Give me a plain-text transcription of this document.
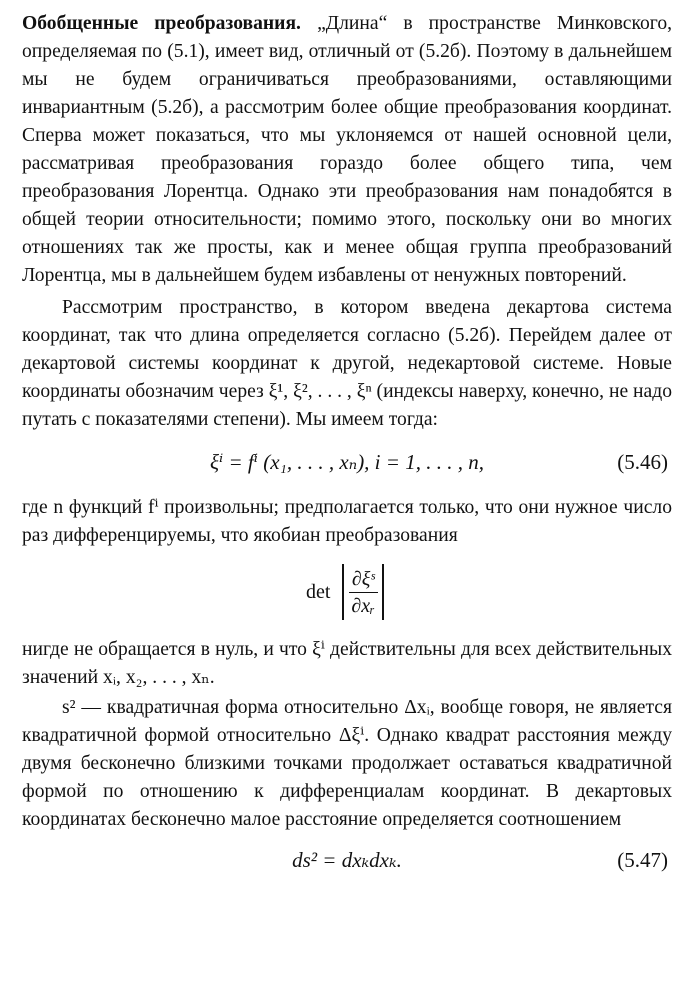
Обобщенные преобразования. „Длина“ в пространстве Минковского, определяемая по (5.1), имеет вид, отличный от (5.2б). Поэтому в дальнейшем мы не будем ограничиваться преобразованиями, оставляющими инвариантным (5.2б), а рассмотрим более общие преобразования координат. Сперва может показаться, что мы уклоняемся от нашей основной цели, рассматривая преобразования гораздо более общего типа, чем преобразования Лорентца. Однако эти преобразования нам понадобятся в общей теории относительности; помимо этого, поскольку они во многих отношениях так же просты, как и менее общая группа преобразований Лорентца, мы в дальнейшем будем избавлены от ненужных повторений.

Рассмотрим пространство, в котором введена декартова система координат, так что длина определяется согласно (5.2б). Перейдем далее от декартовой системы координат к другой, недекартовой системе. Новые координаты обозначим через ξ¹, ξ², . . . , ξⁿ (индексы наверху, конечно, не надо путать с показателями степени). Мы имеем тогда:

ξⁱ = fⁱ (x₁, . . . , xₙ), i = 1, . . . , n,	(5.46)

где n функций fⁱ произвольны; предполагается только, что они нужное число раз дифференцируемы, что якобиан преобразования

$\det \frac{\text{∂ξˢ}}{\text{∂xᵣ}}$

нигде не обращается в нуль, и что ξⁱ действительны для всех действительных значений xᵢ, x₂, . . . , xₙ.

s² — квадратичная форма относительно Δxᵢ, вообще говоря, не является квадратичной формой относительно Δξⁱ. Однако квадрат расстояния между двумя бесконечно близкими точками продолжает оставаться квадратичной формой по отношению к дифференциалам координат. В декартовых координатах бесконечно малое расстояние определяется соотношением

ds² = dxₖdxₖ.	(5.47)
